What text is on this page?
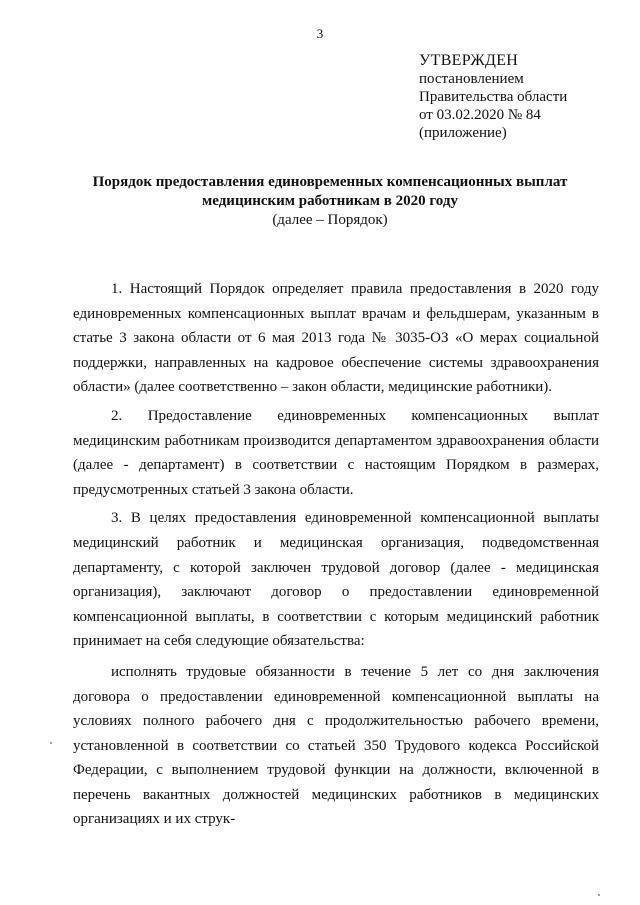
3
УТВЕРЖДЕН
постановлением
Правительства области
от 03.02.2020 № 84
(приложение)
Порядок предоставления единовременных компенсационных выплат
медицинским работникам в 2020 году
(далее – Порядок)

1. Настоящий Порядок определяет правила предоставления в 2020 году единовременных компенсационных выплат врачам и фельдшерам, указанным в статье 3 закона области от 6 мая 2013 года № 3035-ОЗ «О мерах социальной поддержки, направленных на кадровое обеспечение системы здравоохранения области» (далее соответственно – закон области, медицинские работники).

2. Предоставление единовременных компенсационных выплат медицинским работникам производится департаментом здравоохранения области (далее - департамент) в соответствии с настоящим Порядком в размерах, предусмотренных статьей 3 закона области.

3. В целях предоставления единовременной компенсационной выплаты медицинский работник и медицинская организация, подведомственная департаменту, с которой заключен трудовой договор (далее - медицинская организация), заключают договор о предоставлении единовременной компенсационной выплаты, в соответствии с которым медицинский работник принимает на себя следующие обязательства:

исполнять трудовые обязанности в течение 5 лет со дня заключения договора о предоставлении единовременной компенсационной выплаты на условиях полного рабочего дня с продолжительностью рабочего времени, установленной в соответствии со статьей 350 Трудового кодекса Российской Федерации, с выполнением трудовой функции на должности, включенной в перечень вакантных должностей медицинских работников в медицинских организациях и их струк-
